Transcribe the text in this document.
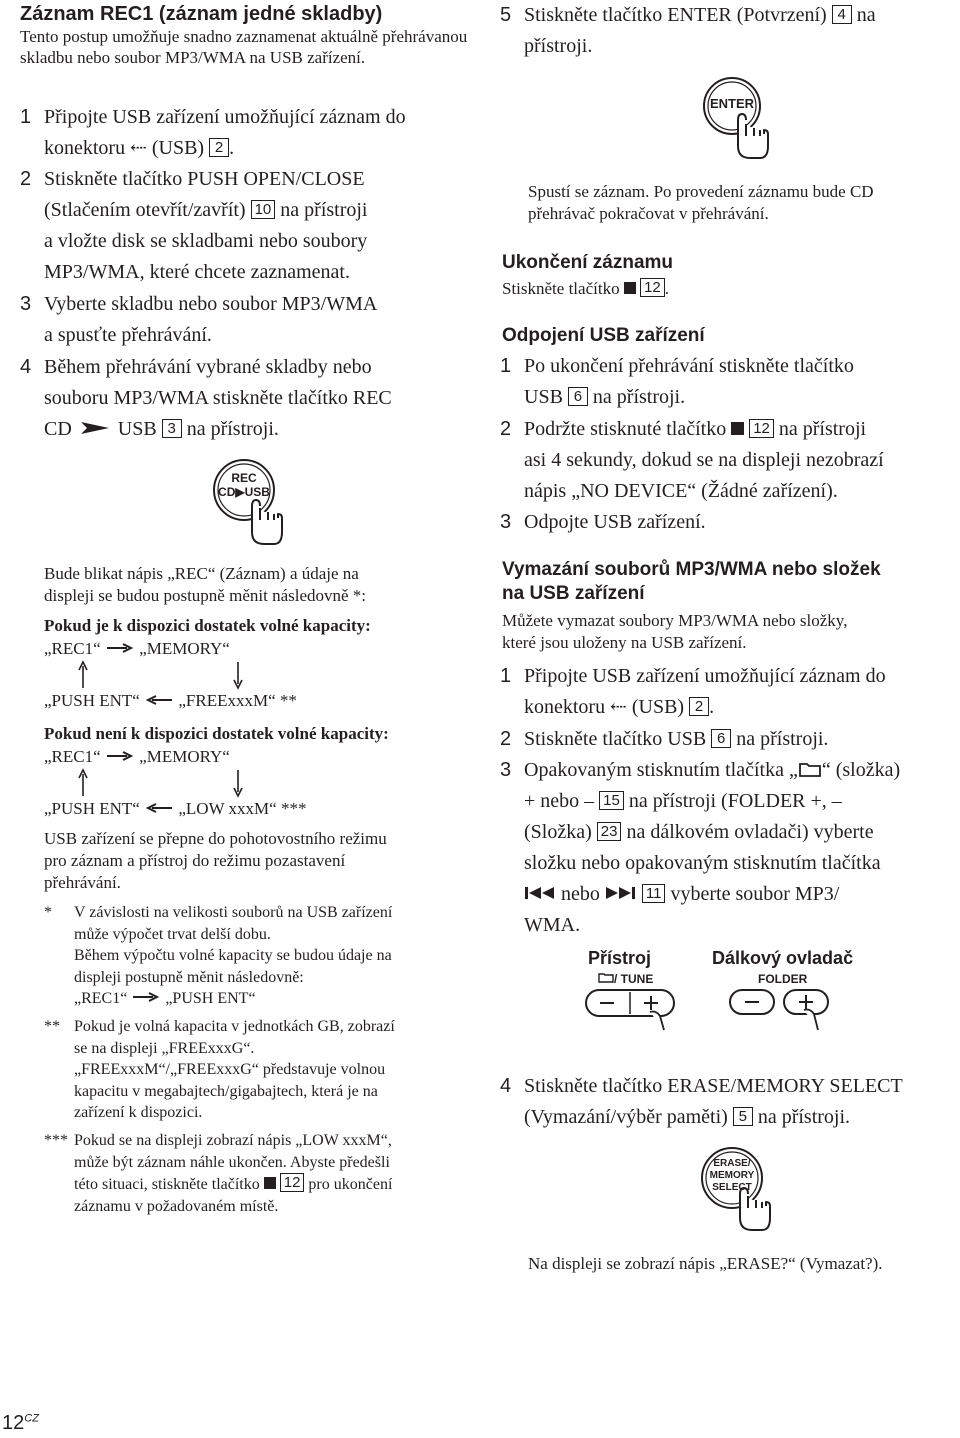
Záznam REC1 (záznam jedné skladby)
Tento postup umožňuje snadno zaznamenat aktuálně přehrávanou skladbu nebo soubor MP3/WMA na USB zařízení.
1 Připojte USB zařízení umožňující záznam do
konektoru ⇠ (USB) 2 .
2 Stiskněte tlačítko PUSH OPEN/CLOSE
(Stlačením otevřít/zavřít) 10 na přístroji
a vložte disk se skladbami nebo soubory
MP3/WMA, které chcete zaznamenat.
3 Vyberte skladbu nebo soubor MP3/WMA
a spusťte přehrávání.
4 Během přehrávání vybrané skladby nebo
souboru MP3/WMA stiskněte tlačítko REC
CD USB 3 na přístroji.
REC
CD▶USB
Bude blikat nápis „REC“ (Záznam) a údaje na
displeji se budou postupně měnit následovně *:
Pokud je k dispozici dostatek volné kapacity:
„REC1“ „MEMORY“
„PUSH ENT“ „FREExxxM“ **
Pokud není k dispozici dostatek volné kapacity:
„REC1“ „MEMORY“
„PUSH ENT“ „LOW xxxM“ ***
USB zařízení se přepne do pohotovostního režimu
pro záznam a přístroj do režimu pozastavení
přehrávání.
* V závislosti na velikosti souborů na USB zařízení
může výpočet trvat delší dobu.
Během výpočtu volné kapacity se budou údaje na
displeji postupně měnit následovně:
„REC1“ „PUSH ENT“
** Pokud je volná kapacita v jednotkách GB, zobrazí
se na displeji „FREExxxG“.
„FREExxxM“/„FREExxxG“ představuje volnou
kapacitu v megabajtech/gigabajtech, která je na
zařízení k dispozici.
*** Pokud se na displeji zobrazí nápis „LOW xxxM“,
může být záznam náhle ukončen. Abyste předešli
této situaci, stiskněte tlačítko 12 pro ukončení
záznamu v požadovaném místě.
5 Stiskněte tlačítko ENTER (Potvrzení) 4 na
přístroji.
ENTER
Spustí se záznam. Po provedení záznamu bude CD
přehrávač pokračovat v přehrávání.
Ukončení záznamu
Stiskněte tlačítko 12 .
Odpojení USB zařízení
1 Po ukončení přehrávání stiskněte tlačítko
USB 6 na přístroji.
2 Podržte stisknuté tlačítko 12 na přístroji
asi 4 sekundy, dokud se na displeji nezobrazí
nápis „NO DEVICE“ (Žádné zařízení).
3 Odpojte USB zařízení.
Vymazání souborů MP3/WMA nebo složek
na USB zařízení
Můžete vymazat soubory MP3/WMA nebo složky,
které jsou uloženy na USB zařízení.
1 Připojte USB zařízení umožňující záznam do
konektoru ⇠ (USB) 2 .
2 Stiskněte tlačítko USB 6 na přístroji.
3 Opakovaným stisknutím tlačítka „ “ (složka)
+ nebo – 15 na přístroji (FOLDER +, –
(Složka) 23 na dálkovém ovladači) vyberte
složku nebo opakovaným stisknutím tlačítka
nebo	11 vyberte soubor MP3/
WMA.
Přístroj	Dálkový ovladač
/ TUNE	FOLDER
4 Stiskněte tlačítko ERASE/MEMORY SELECT
(Vymazání/výběr paměti) 5 na přístroji.
ERASE/
MEMORY
SELECT
Na displeji se zobrazí nápis „ERASE?“ (Vymazat?).
$12^{CZ}$
